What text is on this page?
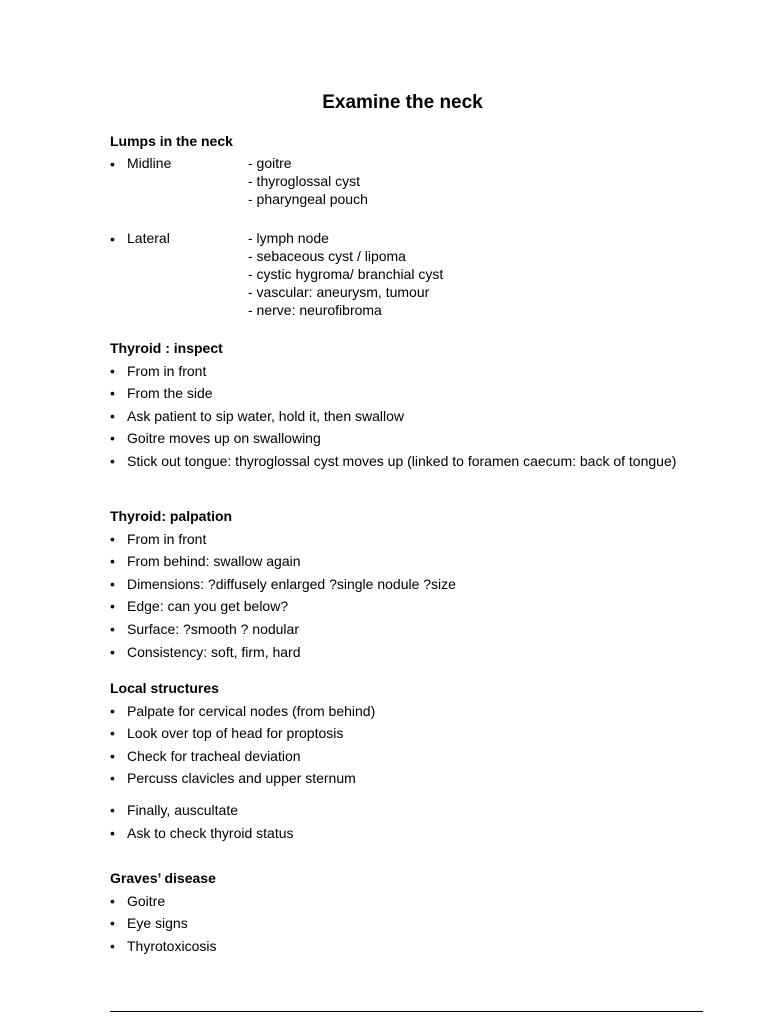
Examine the neck
Lumps in the neck
• Midline	- goitre
- thyroglossal cyst
- pharyngeal pouch
• Lateral	- lymph node
- sebaceous cyst / lipoma
- cystic hygroma/ branchial cyst
- vascular: aneurysm, tumour
- nerve: neurofibroma
Thyroid : inspect
• From in front
• From the side
• Ask patient to sip water, hold it, then swallow
• Goitre moves up on swallowing
• Stick out tongue: thyroglossal cyst moves up (linked to foramen caecum: back of tongue)
Thyroid: palpation
• From in front
• From behind: swallow again
• Dimensions: ?diffusely enlarged ?single nodule ?size
• Edge: can you get below?
• Surface: ?smooth ? nodular
• Consistency: soft, firm, hard
Local structures
• Palpate for cervical nodes (from behind)
• Look over top of head for proptosis
• Check for tracheal deviation
• Percuss clavicles and upper sternum
• Finally, auscultate
• Ask to check thyroid status
Graves’ disease
• Goitre
• Eye signs
• Thyrotoxicosis
